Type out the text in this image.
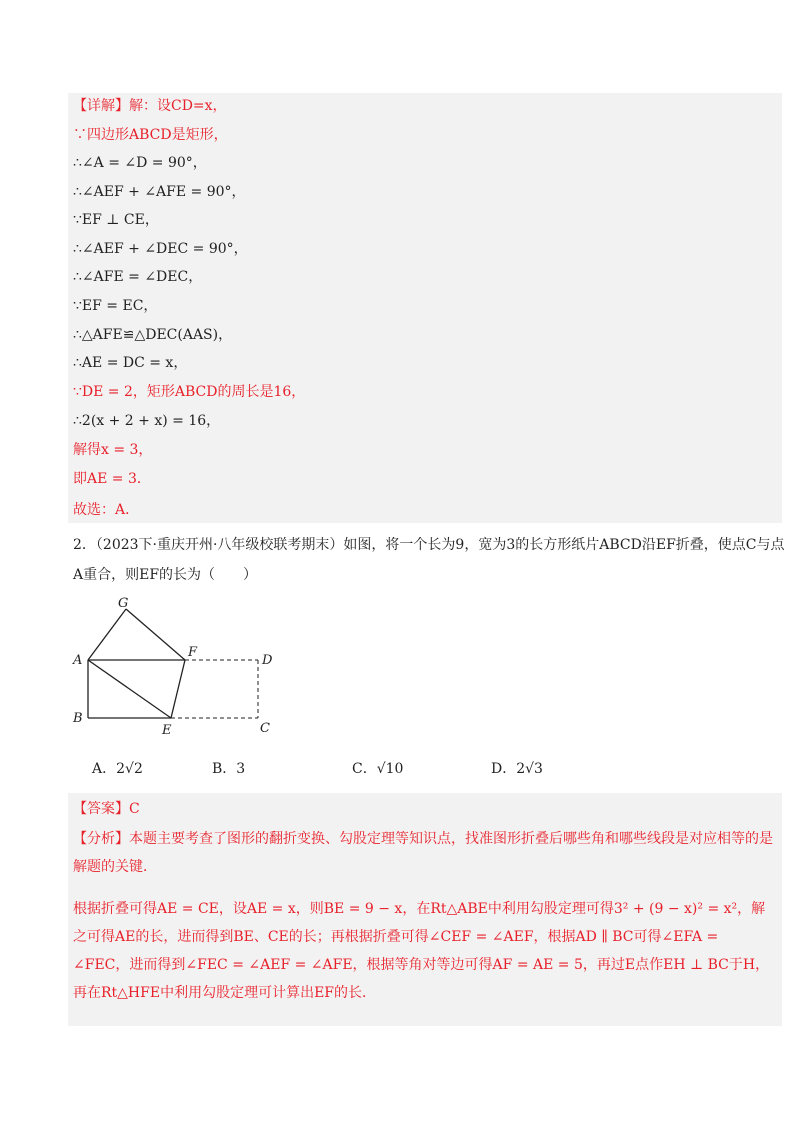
【详解】解：设CD=x，
∵四边形ABCD是矩形，
∴∠A = ∠D = 90°，
∴∠AEF + ∠AFE = 90°，
∵EF ⊥ CE，
∴∠AEF + ∠DEC = 90°，
∴∠AFE = ∠DEC，
∵EF = EC，
∴△AFE≌△DEC(AAS)，
∴AE = DC = x，
∵DE = 2，矩形ABCD的周长是16，
∴2(x + 2 + x) = 16，
解得x = 3，
即AE = 3．
故选：A．
2．（2023下·重庆开州·八年级校联考期末）如图，将一个长为9，宽为3的长方形纸片ABCD沿EF折叠，使点C与点A重合，则EF的长为（　　）
G
A
F
D
B
E	C
A．2√2	B．3	C．√10	D．2√3
【答案】C
【分析】本题主要考查了图形的翻折变换、勾股定理等知识点，找准图形折叠后哪些角和哪些线段是对应相等的是解题的关键．
根据折叠可得AE = CE，设AE = x，则BE = 9 − x，在Rt△ABE中利用勾股定理可得3² + (9 − x)² = x²，解之可得AE的长，进而得到BE、CE的长；再根据折叠可得∠CEF = ∠AEF，根据AD ∥ BC可得∠EFA = ∠FEC，进而得到∠FEC = ∠AEF = ∠AFE，根据等角对等边可得AF = AE = 5，再过E点作EH ⊥ BC于H，再在Rt△HFE中利用勾股定理可计算出EF的长．
